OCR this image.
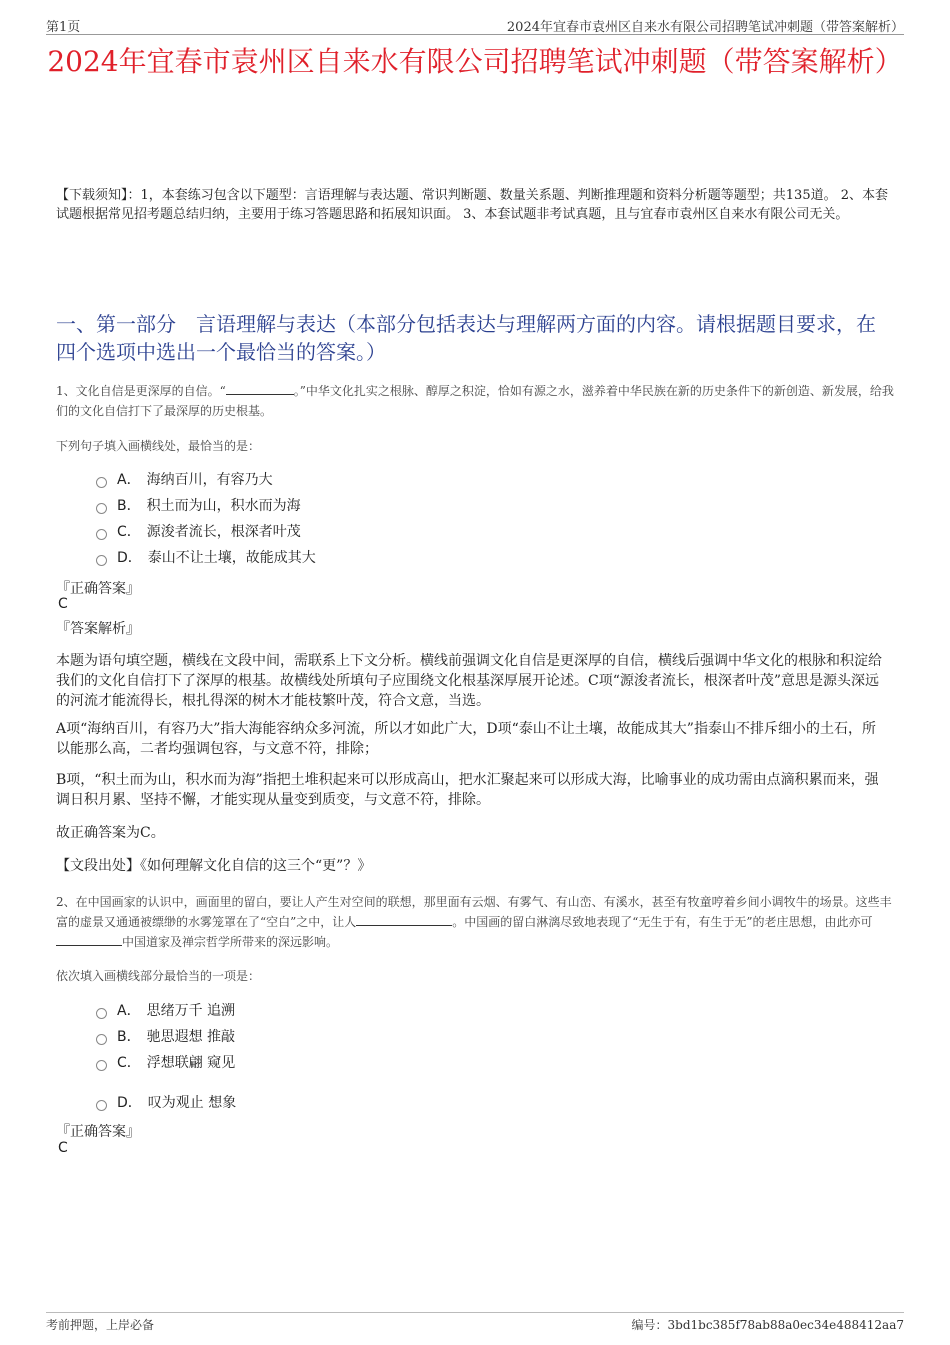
第1页	2024年宜春市袁州区自来水有限公司招聘笔试冲刺题（带答案解析）
2024年宜春市袁州区自来水有限公司招聘笔试冲刺题（带答案解析）
【下载须知】：1，本套练习包含以下题型：言语理解与表达题、常识判断题、数量关系题、判断推理题和资料分析题等题型；共135道。 2、本套试题根据常见招考题总结归纳，主要用于练习答题思路和拓展知识面。 3、本套试题非考试真题，且与宜春市袁州区自来水有限公司无关。
一、第一部分　言语理解与表达（本部分包括表达与理解两方面的内容。请根据题目要求，在四个选项中选出一个最恰当的答案。）
1、文化自信是更深厚的自信。“	。”中华文化扎实之根脉、醇厚之积淀，恰如有源之水，滋养着中华民族在新的历史条件下的新创造、新发展，给我们的文化自信打下了最深厚的历史根基。
下列句子填入画横线处，最恰当的是：
A． 海纳百川，有容乃大
B． 积土而为山，积水而为海
C． 源浚者流长，根深者叶茂
D． 泰山不让土壤，故能成其大
『正确答案』
C
『答案解析』
本题为语句填空题，横线在文段中间，需联系上下文分析。横线前强调文化自信是更深厚的自信，横线后强调中华文化的根脉和积淀给我们的文化自信打下了深厚的根基。故横线处所填句子应围绕文化根基深厚展开论述。C项“源浚者流长，根深者叶茂”意思是源头深远的河流才能流得长，根扎得深的树木才能枝繁叶茂，符合文意，当选。
A项“海纳百川，有容乃大”指大海能容纳众多河流，所以才如此广大，D项“泰山不让土壤，故能成其大”指泰山不排斥细小的土石，所以能那么高，二者均强调包容，与文意不符，排除；
B项，“积土而为山，积水而为海”指把土堆积起来可以形成高山，把水汇聚起来可以形成大海，比喻事业的成功需由点滴积累而来，强调日积月累、坚持不懈，才能实现从量变到质变，与文意不符，排除。
故正确答案为C。
【文段出处】《如何理解文化自信的这三个“更”？》
2、在中国画家的认识中，画面里的留白，要让人产生对空间的联想，那里面有云烟、有雾气、有山峦、有溪水，甚至有牧童哼着乡间小调牧牛的场景。这些丰富的虚景又通通被缥缈的水雾笼罩在了“空白”之中，让人	。中国画的留白淋漓尽致地表现了“无生于有，有生于无”的老庄思想，由此亦可中国道家及禅宗哲学所带来的深远影响。
依次填入画横线部分最恰当的一项是：
A． 思绪万千 追溯
B． 驰思遐想 推敲
C． 浮想联翩 窥见
D． 叹为观止 想象
『正确答案』
C
考前押题，上岸必备	编号：3bd1bc385f78ab88a0ec34e488412aa7
